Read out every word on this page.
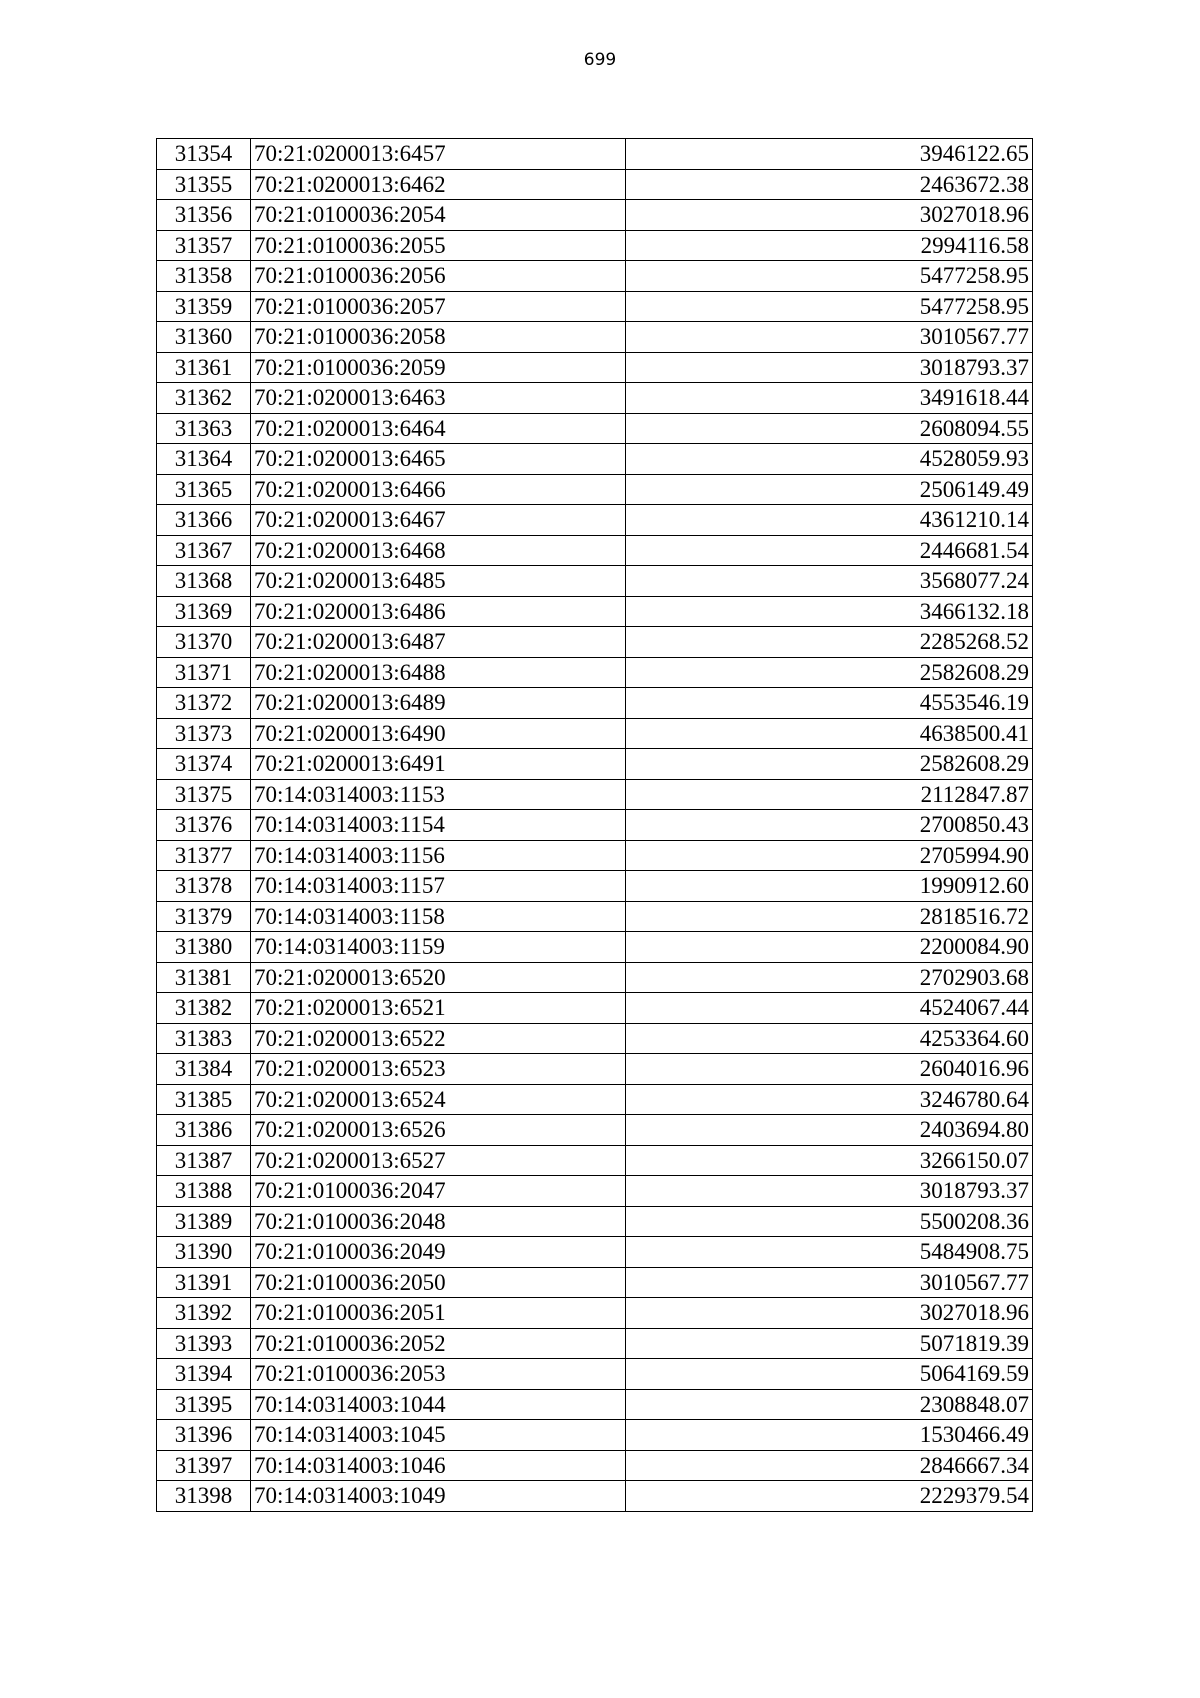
699
31354	70:21:0200013:6457	3946122.65
31355	70:21:0200013:6462	2463672.38
31356	70:21:0100036:2054	3027018.96
31357	70:21:0100036:2055	2994116.58
31358	70:21:0100036:2056	5477258.95
31359	70:21:0100036:2057	5477258.95
31360	70:21:0100036:2058	3010567.77
31361	70:21:0100036:2059	3018793.37
31362	70:21:0200013:6463	3491618.44
31363	70:21:0200013:6464	2608094.55
31364	70:21:0200013:6465	4528059.93
31365	70:21:0200013:6466	2506149.49
31366	70:21:0200013:6467	4361210.14
31367	70:21:0200013:6468	2446681.54
31368	70:21:0200013:6485	3568077.24
31369	70:21:0200013:6486	3466132.18
31370	70:21:0200013:6487	2285268.52
31371	70:21:0200013:6488	2582608.29
31372	70:21:0200013:6489	4553546.19
31373	70:21:0200013:6490	4638500.41
31374	70:21:0200013:6491	2582608.29
31375	70:14:0314003:1153	2112847.87
31376	70:14:0314003:1154	2700850.43
31377	70:14:0314003:1156	2705994.90
31378	70:14:0314003:1157	1990912.60
31379	70:14:0314003:1158	2818516.72
31380	70:14:0314003:1159	2200084.90
31381	70:21:0200013:6520	2702903.68
31382	70:21:0200013:6521	4524067.44
31383	70:21:0200013:6522	4253364.60
31384	70:21:0200013:6523	2604016.96
31385	70:21:0200013:6524	3246780.64
31386	70:21:0200013:6526	2403694.80
31387	70:21:0200013:6527	3266150.07
31388	70:21:0100036:2047	3018793.37
31389	70:21:0100036:2048	5500208.36
31390	70:21:0100036:2049	5484908.75
31391	70:21:0100036:2050	3010567.77
31392	70:21:0100036:2051	3027018.96
31393	70:21:0100036:2052	5071819.39
31394	70:21:0100036:2053	5064169.59
31395	70:14:0314003:1044	2308848.07
31396	70:14:0314003:1045	1530466.49
31397	70:14:0314003:1046	2846667.34
31398	70:14:0314003:1049	2229379.54
